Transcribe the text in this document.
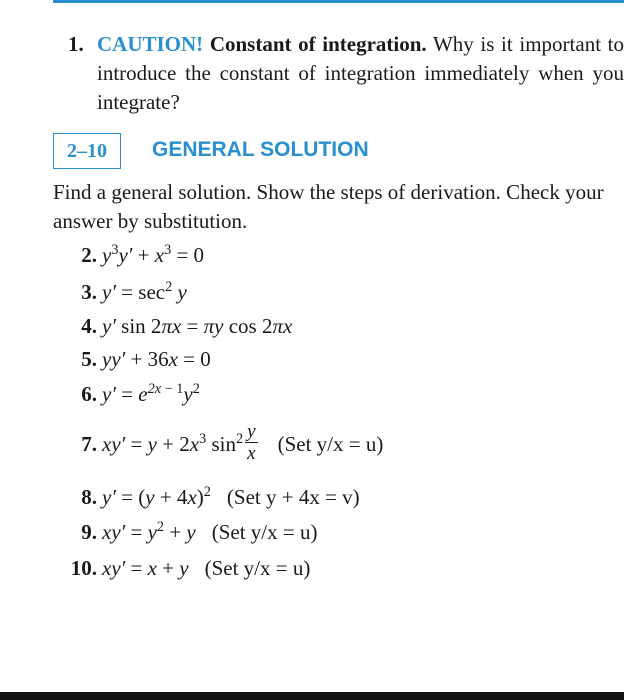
1. CAUTION! Constant of integration. Why is it important to introduce the constant of integration immediately when you integrate?
2–10	GENERAL SOLUTION
Find a general solution. Show the steps of derivation. Check your answer by substitution.
2. $y^3y' + x^3 = 0$
3. $y' = \sec^2 y$
4. y′ sin 2πx = πy cos 2πx
5. yy′ + 36x = 0
6. $y' = e^{2x - 1}y^2$
7. $xy' = y + 2x^3$ $\sin^2 \frac{y}{x} (Set$ y/x = u)
8. $y' = (y + 4x)^2$ (Set y + 4x = v)
9. $xy' = y^2 + y$ (Set y/x = u)
10. xy′ = x + y (Set y/x = u)
